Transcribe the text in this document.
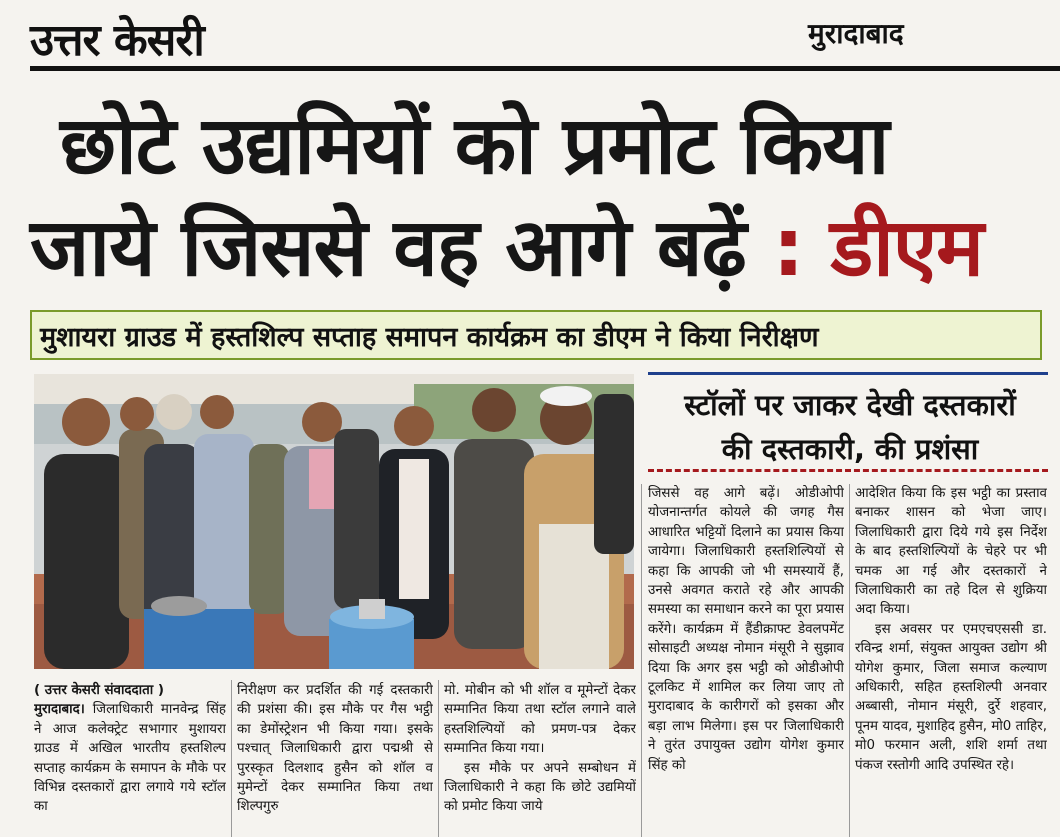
उत्तर केसरी	मुरादाबाद
छोटे उद्यमियों को प्रमोट किया
जाये जिससे वह आगे बढ़ें : डीएम
मुशायरा ग्राउड में हस्तशिल्प सप्ताह समापन कार्यक्रम का डीएम ने किया निरीक्षण
स्टॉलों पर जाकर देखी दस्तकारों
की दस्तकारी, की प्रशंसा

( उत्तर केसरी संवाददाता )

मुरादाबाद। जिलाधिकारी मानवेन्द्र सिंह ने आज कलेक्ट्रेट सभागार मुशायरा ग्राउड में अखिल भारतीय हस्तशिल्प सप्ताह कार्यक्रम के समापन के मौके पर विभिन्न दस्तकारों द्वारा लगाये गये स्टॉल का

निरीक्षण कर प्रदर्शित की गई दस्तकारी की प्रशंसा की। इस मौके पर गैस भट्ठी का डेमोंस्ट्रेशन भी किया गया। इसके पश्चात् जिलाधिकारी द्वारा पद्मश्री से पुरस्कृत दिलशाद हुसैन को शॉल व मुमेन्टों देकर सम्मानित किया तथा शिल्पगुरु

मो. मोबीन को भी शॉल व मूमेन्टों देकर सम्मानित किया तथा स्टॉल लगाने वाले हस्तशिल्पियों को प्रमण-पत्र देकर सम्मानित किया गया।

इस मौके पर अपने सम्बोधन में जिलाधिकारी ने कहा कि छोटे उद्यमियों को प्रमोट किया जाये

जिससे वह आगे बढ़ें। ओडीओपी योजनान्तर्गत कोयले की जगह गैस आधारित भट्टियों दिलाने का प्रयास किया जायेगा। जिलाधिकारी हस्तशिल्पियों से कहा कि आपकी जो भी समस्यायें हैं, उनसे अवगत कराते रहे और आपकी समस्या का समाधान करने का पूरा प्रयास करेंगे। कार्यक्रम में हैंडीक्राफ्ट डेवलपमेंट सोसाइटी अध्यक्ष नोमान मंसूरी ने सुझाव दिया कि अगर इस भट्ठी को ओडीओपी टूलकिट में शामिल कर लिया जाए तो मुरादाबाद के कारीगरों को इसका और बड़ा लाभ मिलेगा। इस पर जिलाधिकारी ने तुरंत उपायुक्त उद्योग योगेश कुमार सिंह को

आदेशित किया कि इस भट्ठी का प्रस्ताव बनाकर शासन को भेजा जाए। जिलाधिकारी द्वारा दिये गये इस निर्देश के बाद हस्तशिल्पियों के चेहरे पर भी चमक आ गई और दस्तकारों ने जिलाधिकारी का तहे दिल से शुक्रिया अदा किया।

इस अवसर पर एमएचएससी डा. रविन्द्र शर्मा, संयुक्त आयुक्त उद्योग श्री योगेश कुमार, जिला समाज कल्याण अधिकारी, सहित हस्तशिल्पी अनवार अब्बासी, नोमान मंसूरी, दुर्रे शहवार, पूनम यादव, मुशाहिद हुसैन, मो0 ताहिर, मो0 फरमान अली, शशि शर्मा तथा पंकज रस्तोगी आदि उपस्थित रहे।
